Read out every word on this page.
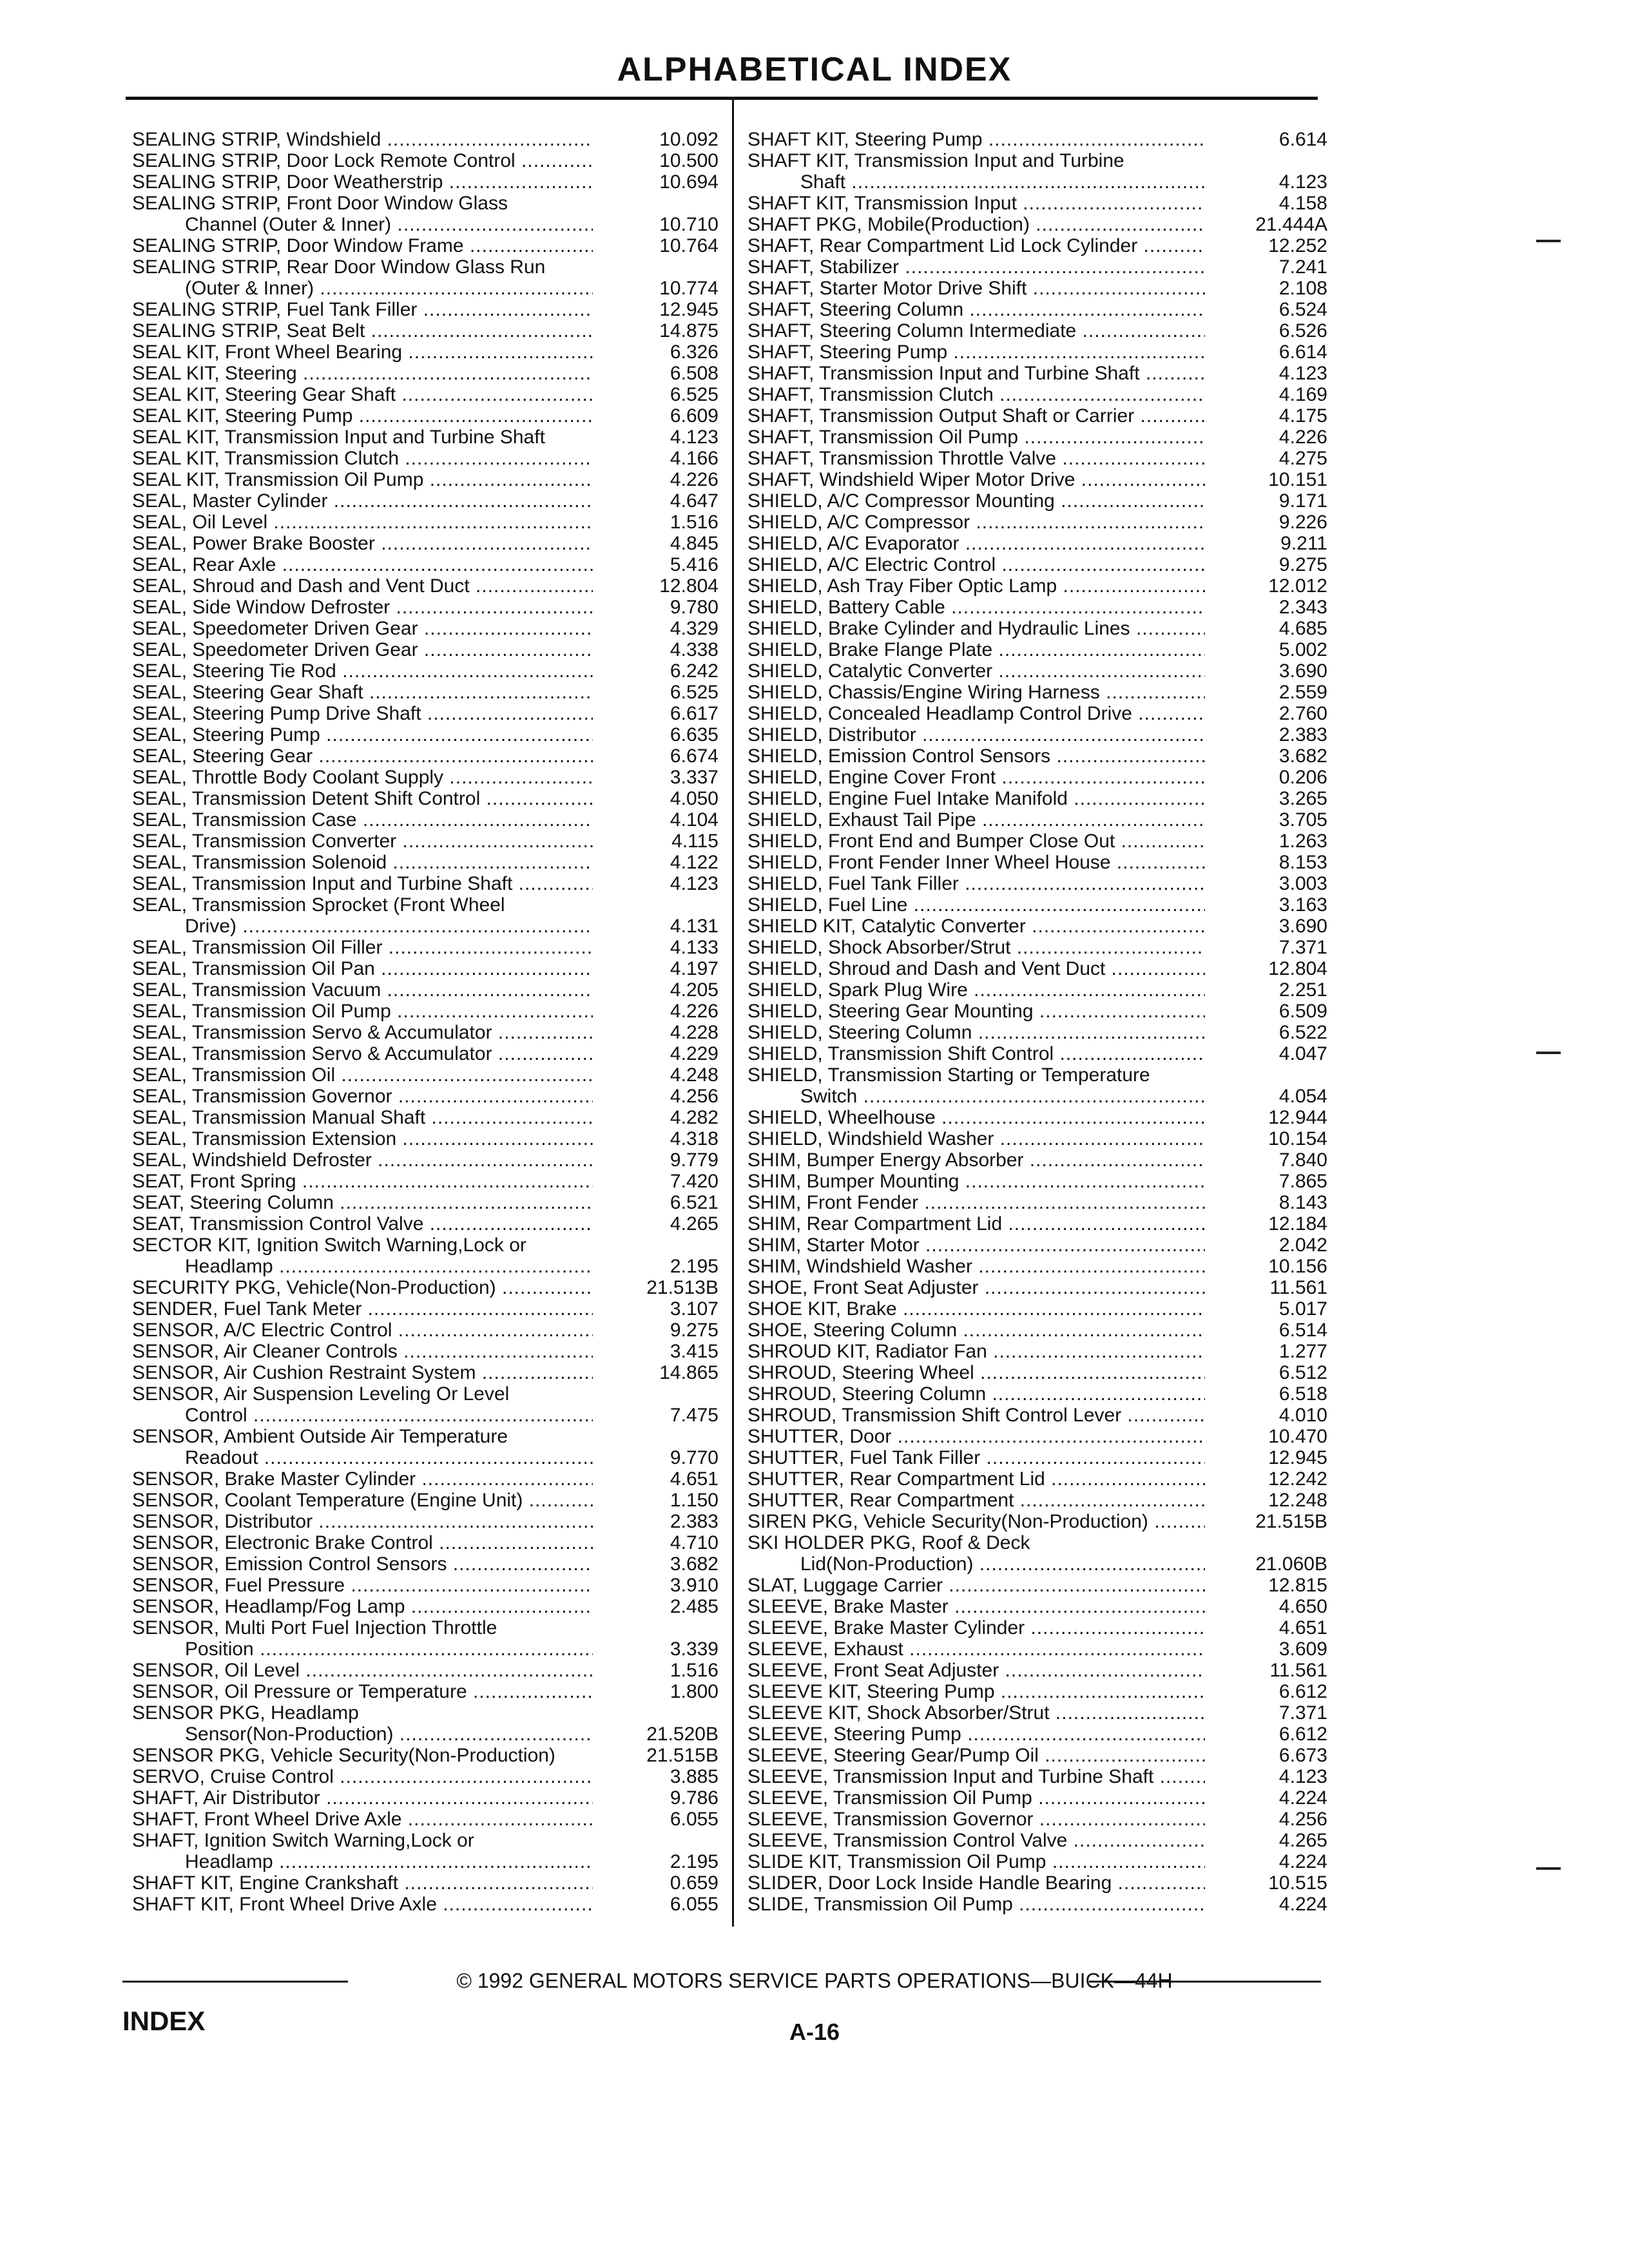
ALPHABETICAL INDEX
SEALING STRIP, Windshield .....	10.092
SEALING STRIP, Door Lock Remote Control .....	10.500
SEALING STRIP, Door Weatherstrip .....	10.694
SEALING STRIP, Front Door Window Glass
Channel (Outer & Inner) .....	10.710
SEALING STRIP, Door Window Frame .....	10.764
SEALING STRIP, Rear Door Window Glass Run
(Outer & Inner) .....	10.774
SEALING STRIP, Fuel Tank Filler .....	12.945
SEALING STRIP, Seat Belt .....	14.875
SEAL KIT, Front Wheel Bearing .....	6.326
SEAL KIT, Steering .....	6.508
SEAL KIT, Steering Gear Shaft .....	6.525
SEAL KIT, Steering Pump .....	6.609
SEAL KIT, Transmission Input and Turbine Shaft	4.123
SEAL KIT, Transmission Clutch .....	4.166
SEAL KIT, Transmission Oil Pump .....	4.226
SEAL, Master Cylinder .....	4.647
SEAL, Oil Level .....	1.516
SEAL, Power Brake Booster .....	4.845
SEAL, Rear Axle .....	5.416
SEAL, Shroud and Dash and Vent Duct .....	12.804
SEAL, Side Window Defroster .....	9.780
SEAL, Speedometer Driven Gear .....	4.329
SEAL, Speedometer Driven Gear .....	4.338
SEAL, Steering Tie Rod .....	6.242
SEAL, Steering Gear Shaft .....	6.525
SEAL, Steering Pump Drive Shaft .....	6.617
SEAL, Steering Pump .....	6.635
SEAL, Steering Gear .....	6.674
SEAL, Throttle Body Coolant Supply .....	3.337
SEAL, Transmission Detent Shift Control .....	4.050
SEAL, Transmission Case .....	4.104
SEAL, Transmission Converter .....	4.115
SEAL, Transmission Solenoid .....	4.122
SEAL, Transmission Input and Turbine Shaft .....	4.123
SEAL, Transmission Sprocket (Front Wheel
Drive) .....	4.131
SEAL, Transmission Oil Filler .....	4.133
SEAL, Transmission Oil Pan .....	4.197
SEAL, Transmission Vacuum .....	4.205
SEAL, Transmission Oil Pump .....	4.226
SEAL, Transmission Servo & Accumulator .....	4.228
SEAL, Transmission Servo & Accumulator .....	4.229
SEAL, Transmission Oil .....	4.248
SEAL, Transmission Governor .....	4.256
SEAL, Transmission Manual Shaft .....	4.282
SEAL, Transmission Extension .....	4.318
SEAL, Windshield Defroster .....	9.779
SEAT, Front Spring .....	7.420
SEAT, Steering Column .....	6.521
SEAT, Transmission Control Valve .....	4.265
SECTOR KIT, Ignition Switch Warning,Lock or
Headlamp .....	2.195
SECURITY PKG, Vehicle(Non-Production) .....	21.513B
SENDER, Fuel Tank Meter .....	3.107
SENSOR, A/C Electric Control .....	9.275
SENSOR, Air Cleaner Controls .....	3.415
SENSOR, Air Cushion Restraint System .....	14.865
SENSOR, Air Suspension Leveling Or Level
Control .....	7.475
SENSOR, Ambient Outside Air Temperature
Readout .....	9.770
SENSOR, Brake Master Cylinder .....	4.651
SENSOR, Coolant Temperature (Engine Unit) .....	1.150
SENSOR, Distributor .....	2.383
SENSOR, Electronic Brake Control .....	4.710
SENSOR, Emission Control Sensors .....	3.682
SENSOR, Fuel Pressure .....	3.910
SENSOR, Headlamp/Fog Lamp .....	2.485
SENSOR, Multi Port Fuel Injection Throttle
Position .....	3.339
SENSOR, Oil Level .....	1.516
SENSOR, Oil Pressure or Temperature .....	1.800
SENSOR PKG, Headlamp
Sensor(Non-Production) .....	21.520B
SENSOR PKG, Vehicle Security(Non-Production)	21.515B
SERVO, Cruise Control .....	3.885
SHAFT, Air Distributor .....	9.786
SHAFT, Front Wheel Drive Axle .....	6.055
SHAFT, Ignition Switch Warning,Lock or
Headlamp .....	2.195
SHAFT KIT, Engine Crankshaft .....	0.659
SHAFT KIT, Front Wheel Drive Axle .....	6.055
SHAFT KIT, Steering Pump .....	6.614
SHAFT KIT, Transmission Input and Turbine
Shaft .....	4.123
SHAFT KIT, Transmission Input .....	4.158
SHAFT PKG, Mobile(Production) .....	21.444A
SHAFT, Rear Compartment Lid Lock Cylinder .....	12.252
SHAFT, Stabilizer .....	7.241
SHAFT, Starter Motor Drive Shift .....	2.108
SHAFT, Steering Column .....	6.524
SHAFT, Steering Column Intermediate .....	6.526
SHAFT, Steering Pump .....	6.614
SHAFT, Transmission Input and Turbine Shaft .....	4.123
SHAFT, Transmission Clutch .....	4.169
SHAFT, Transmission Output Shaft or Carrier .....	4.175
SHAFT, Transmission Oil Pump .....	4.226
SHAFT, Transmission Throttle Valve .....	4.275
SHAFT, Windshield Wiper Motor Drive .....	10.151
SHIELD, A/C Compressor Mounting .....	9.171
SHIELD, A/C Compressor .....	9.226
SHIELD, A/C Evaporator .....	9.211
SHIELD, A/C Electric Control .....	9.275
SHIELD, Ash Tray Fiber Optic Lamp .....	12.012
SHIELD, Battery Cable .....	2.343
SHIELD, Brake Cylinder and Hydraulic Lines .....	4.685
SHIELD, Brake Flange Plate .....	5.002
SHIELD, Catalytic Converter .....	3.690
SHIELD, Chassis/Engine Wiring Harness .....	2.559
SHIELD, Concealed Headlamp Control Drive .....	2.760
SHIELD, Distributor .....	2.383
SHIELD, Emission Control Sensors .....	3.682
SHIELD, Engine Cover Front .....	0.206
SHIELD, Engine Fuel Intake Manifold .....	3.265
SHIELD, Exhaust Tail Pipe .....	3.705
SHIELD, Front End and Bumper Close Out .....	1.263
SHIELD, Front Fender Inner Wheel House .....	8.153
SHIELD, Fuel Tank Filler .....	3.003
SHIELD, Fuel Line .....	3.163
SHIELD KIT, Catalytic Converter .....	3.690
SHIELD, Shock Absorber/Strut .....	7.371
SHIELD, Shroud and Dash and Vent Duct .....	12.804
SHIELD, Spark Plug Wire .....	2.251
SHIELD, Steering Gear Mounting .....	6.509
SHIELD, Steering Column .....	6.522
SHIELD, Transmission Shift Control .....	4.047
SHIELD, Transmission Starting or Temperature
Switch .....	4.054
SHIELD, Wheelhouse .....	12.944
SHIELD, Windshield Washer .....	10.154
SHIM, Bumper Energy Absorber .....	7.840
SHIM, Bumper Mounting .....	7.865
SHIM, Front Fender .....	8.143
SHIM, Rear Compartment Lid .....	12.184
SHIM, Starter Motor .....	2.042
SHIM, Windshield Washer .....	10.156
SHOE, Front Seat Adjuster .....	11.561
SHOE KIT, Brake .....	5.017
SHOE, Steering Column .....	6.514
SHROUD KIT, Radiator Fan .....	1.277
SHROUD, Steering Wheel .....	6.512
SHROUD, Steering Column .....	6.518
SHROUD, Transmission Shift Control Lever .....	4.010
SHUTTER, Door .....	10.470
SHUTTER, Fuel Tank Filler .....	12.945
SHUTTER, Rear Compartment Lid .....	12.242
SHUTTER, Rear Compartment .....	12.248
SIREN PKG, Vehicle Security(Non-Production) .....	21.515B
SKI HOLDER PKG, Roof & Deck
Lid(Non-Production) .....	21.060B
SLAT, Luggage Carrier .....	12.815
SLEEVE, Brake Master .....	4.650
SLEEVE, Brake Master Cylinder .....	4.651
SLEEVE, Exhaust .....	3.609
SLEEVE, Front Seat Adjuster .....	11.561
SLEEVE KIT, Steering Pump .....	6.612
SLEEVE KIT, Shock Absorber/Strut .....	7.371
SLEEVE, Steering Pump .....	6.612
SLEEVE, Steering Gear/Pump Oil .....	6.673
SLEEVE, Transmission Input and Turbine Shaft .....	4.123
SLEEVE, Transmission Oil Pump .....	4.224
SLEEVE, Transmission Governor .....	4.256
SLEEVE, Transmission Control Valve .....	4.265
SLIDE KIT, Transmission Oil Pump .....	4.224
SLIDER, Door Lock Inside Handle Bearing .....	10.515
SLIDE, Transmission Oil Pump .....	4.224
© 1992 GENERAL MOTORS SERVICE PARTS OPERATIONS—BUICK—44H
INDEX	A-16
